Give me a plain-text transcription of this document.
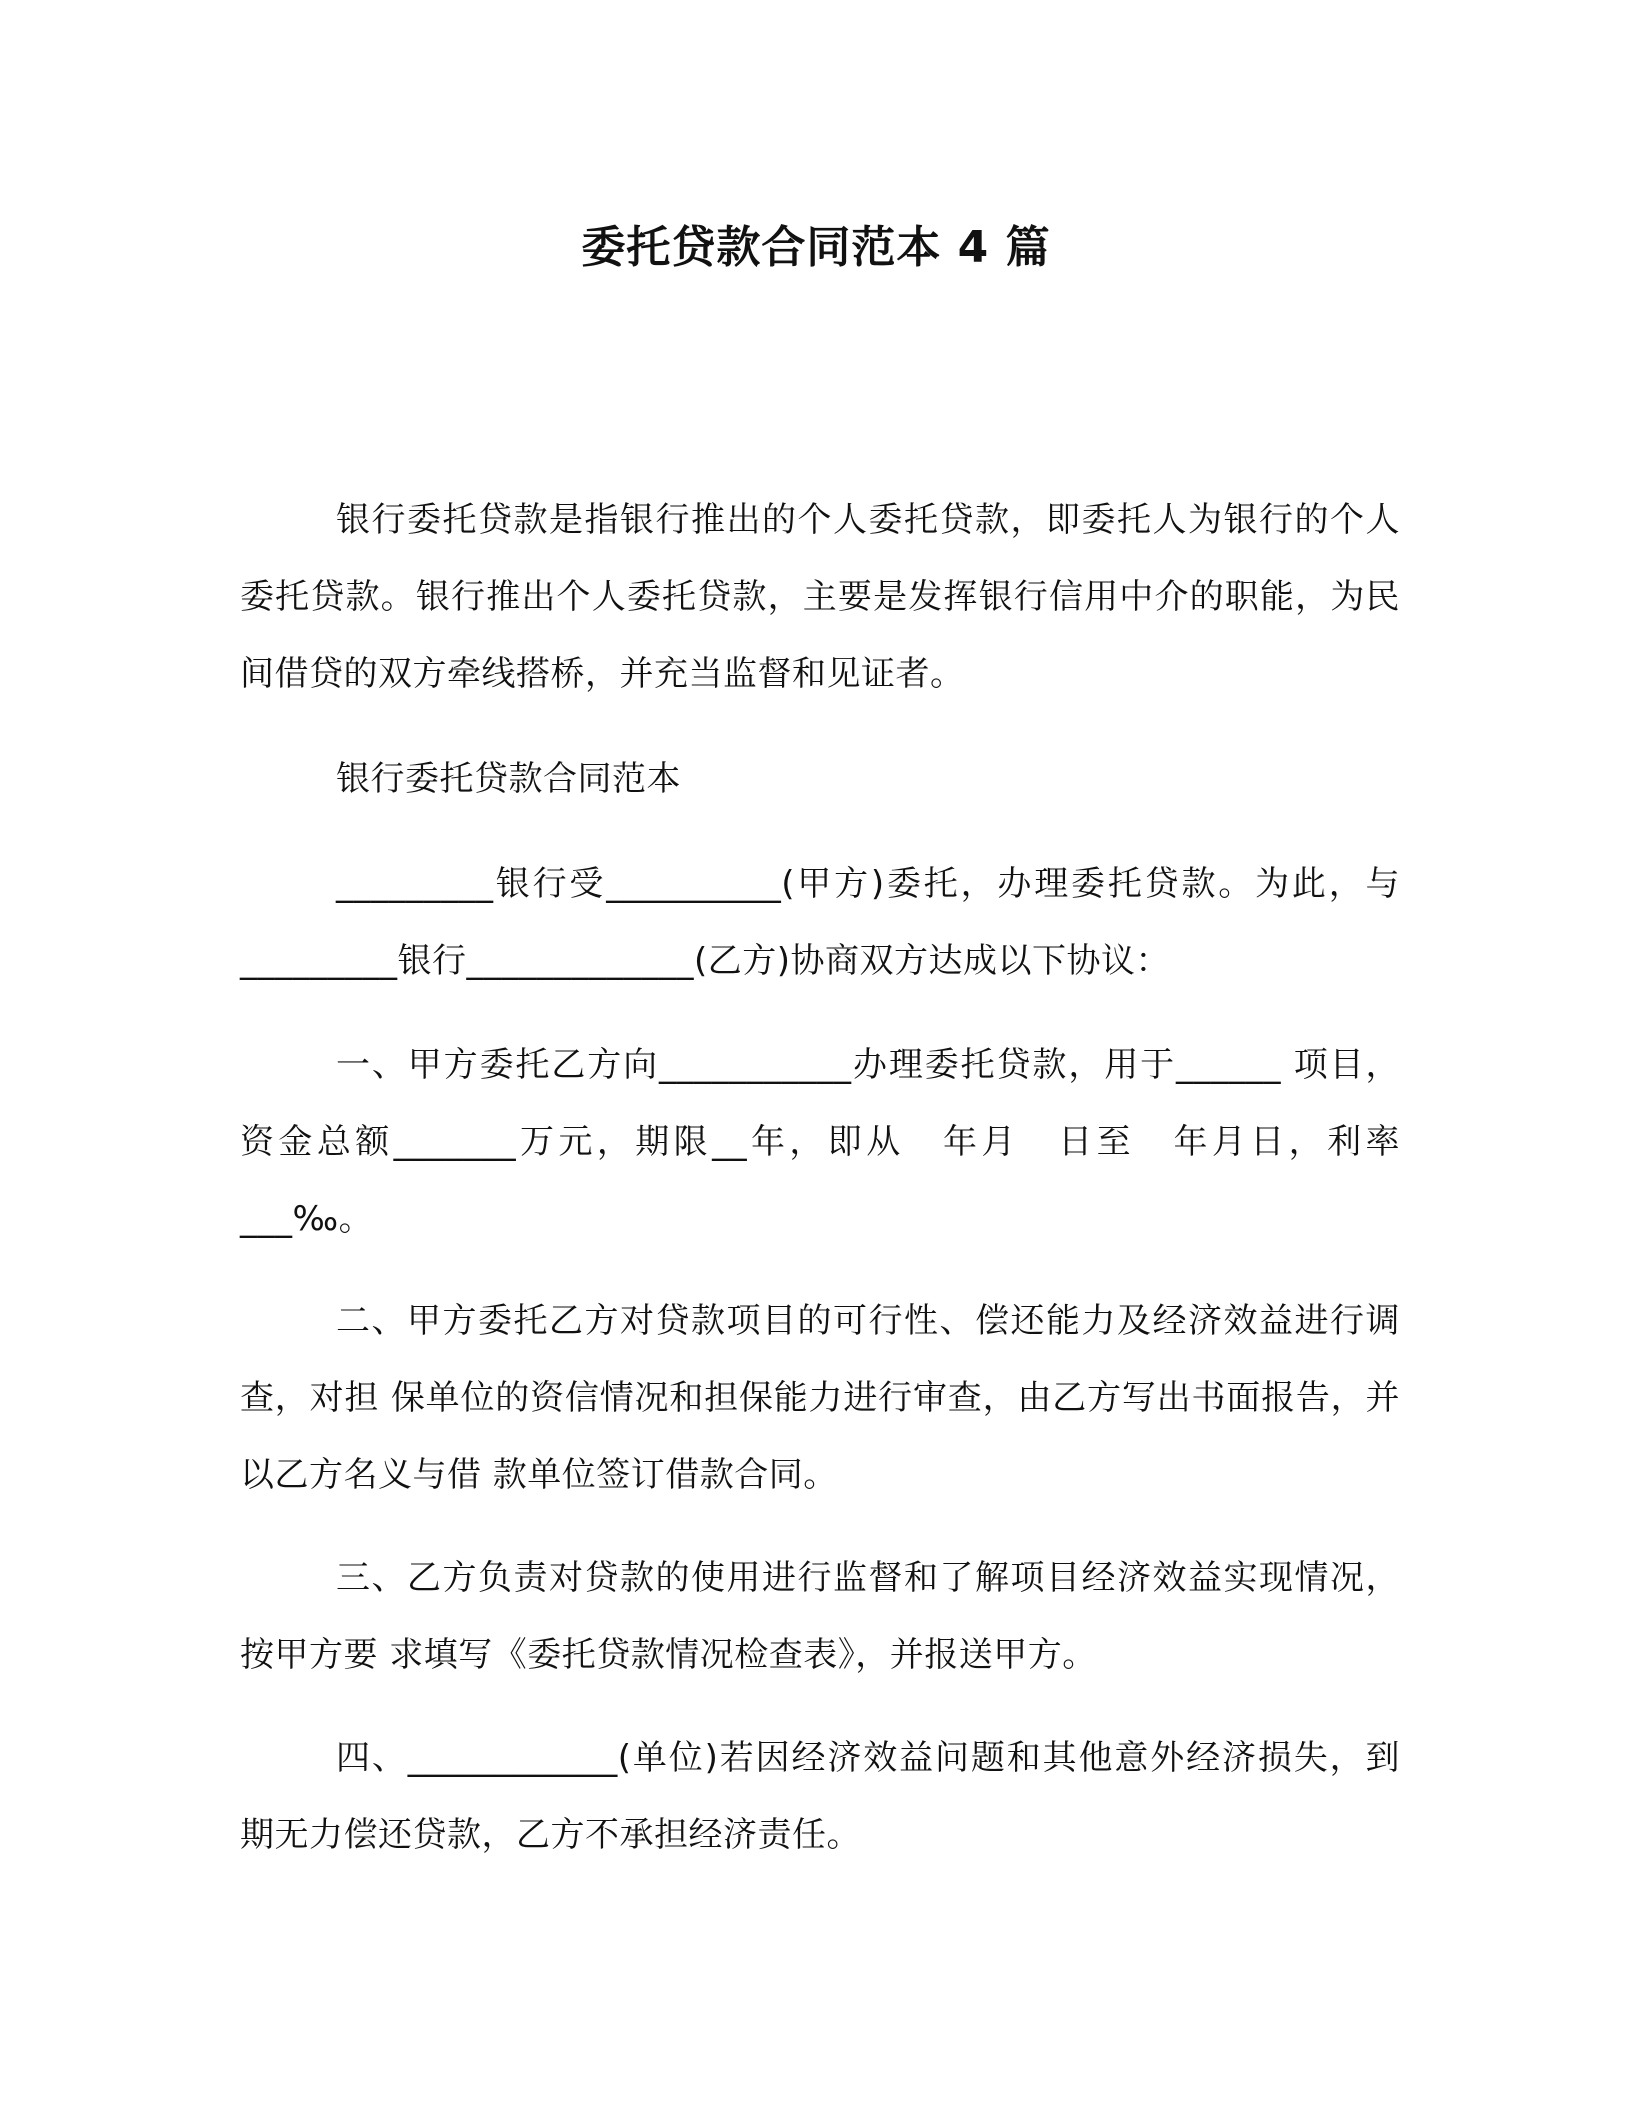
委托贷款合同范本 4 篇

银行委托贷款是指银行推出的个人委托贷款，即委托人为银行的个人委托贷款。银行推出个人委托贷款，主要是发挥银行信用中介的职能，为民间借贷的双方牵线搭桥，并充当监督和见证者。

银行委托贷款合同范本

_________银行受__________(甲方)委托，办理委托贷款。为此，与 _________银行_____________(乙方)协商双方达成以下协议：

一、甲方委托乙方向___________办理委托贷款，用于______ 项目，资金总额_______万元，期限__年，即从　年月　日至　年月日，利率___‰。

二、甲方委托乙方对贷款项目的可行性、偿还能力及经济效益进行调查，对担 保单位的资信情况和担保能力进行审查，由乙方写出书面报告，并以乙方名义与借 款单位签订借款合同。

三、乙方负责对贷款的使用进行监督和了解项目经济效益实现情况，按甲方要 求填写《委托贷款情况检查表》，并报送甲方。

四、____________(单位)若因经济效益问题和其他意外经济损失，到期无力偿还贷款，乙方不承担经济责任。
